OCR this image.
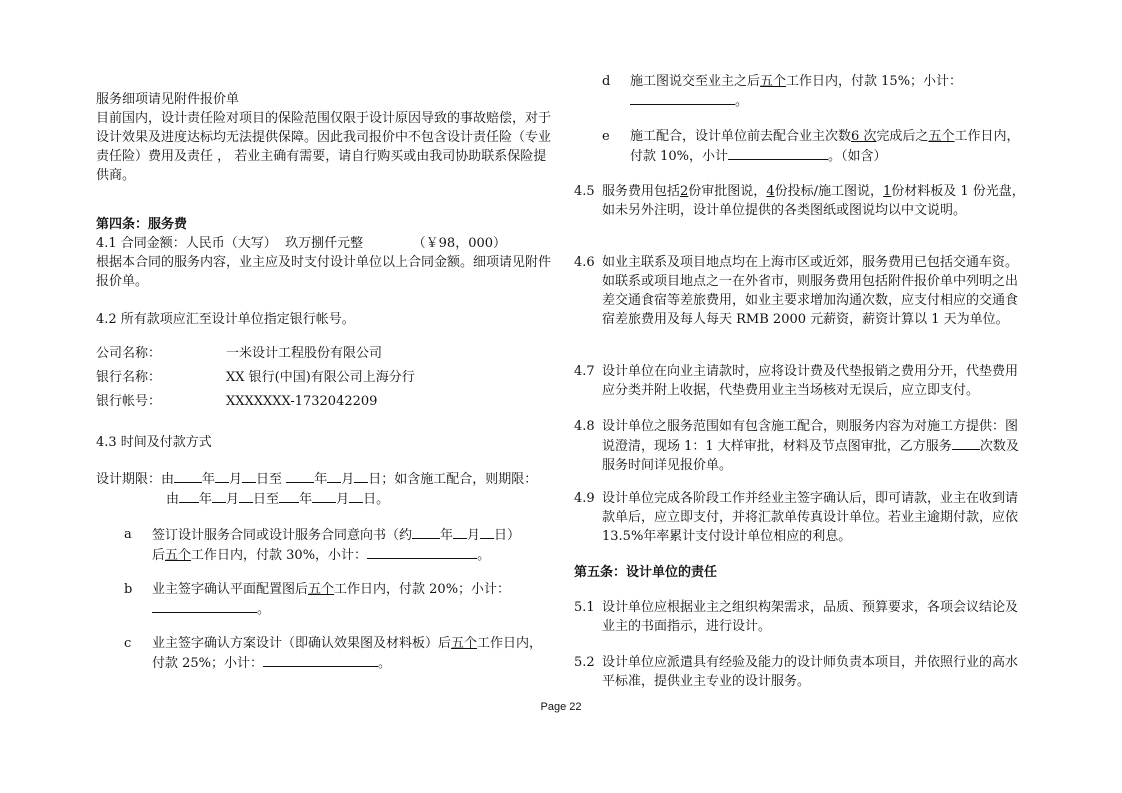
服务细项请见附件报价单

目前国内，设计责任险对项目的保险范围仅限于设计原因导致的事故赔偿，对于设计效果及进度达标均无法提供保障。因此我司报价中不包含设计责任险（专业责任险）费用及责任 ， 若业主确有需要，请自行购买或由我司协助联系保险提供商。

第四条：服务费

4.1 合同金额：人民币（大写）  玖万捌仟元整            （￥98，000）

根据本合同的服务内容，业主应及时支付设计单位以上合同金额。细项请见附件报价单。

4.2 所有款项应汇至设计单位指定银行帐号。

公司名称：	一米设计工程股份有限公司
银行名称：	XX 银行(中国)有限公司上海分行
银行帐号：	XXXXXXX-1732042209

4.3 时间及付款方式

设计期限：由 年 月 日至 年 月 日；如含施工配合，则期限：

由 年 月 日至 年 月 日。

a	签订设计服务合同或设计服务合同意向书（约 年 月 日）
后五个工作日内，付款 30%，小计：	。
b	业主签字确认平面配置图后五个工作日内，付款 20%；小计：。
c	业主签字确认方案设计（即确认效果图及材料板）后五个工作日内，付款 25%；小计：	。
d	施工图说交至业主之后五个工作日内，付款 15%；小计：。
e	施工配合，设计单位前去配合业主次数6 次完成后之五个工作日内，付款 10%，小计	。（如含）
4.5 服务费用包括2份审批图说，4份投标/施工图说，1份材料板及 1 份光盘，如未另外注明，设计单位提供的各类图纸或图说均以中文说明。
4.6 如业主联系及项目地点均在上海市区或近郊，服务费用已包括交通车资。如联系或项目地点之一在外省市，则服务费用包括附件报价单中列明之出差交通食宿等差旅费用，如业主要求增加沟通次数，应支付相应的交通食宿差旅费用及每人每天 RMB 2000 元薪资，薪资计算以 1 天为单位。
4.7 设计单位在向业主请款时，应将设计费及代垫报销之费用分开，代垫费用应分类并附上收据，代垫费用业主当场核对无误后，应立即支付。
4.8 设计单位之服务范围如有包含施工配合，则服务内容为对施工方提供：图说澄清，现场 1：1 大样审批，材料及节点图审批，乙方服务 次数及服务时间详见报价单。
4.9 设计单位完成各阶段工作并经业主签字确认后，即可请款，业主在收到请款单后，应立即支付，并将汇款单传真设计单位。若业主逾期付款，应依 13.5%年率累计支付设计单位相应的利息。

第五条：设计单位的责任

5.1 设计单位应根据业主之组织构架需求，品质、预算要求，各项会议结论及业主的书面指示，进行设计。
5.2 设计单位应派遣具有经验及能力的设计师负责本项目，并依照行业的高水平标准，提供业主专业的设计服务。
Page 22
